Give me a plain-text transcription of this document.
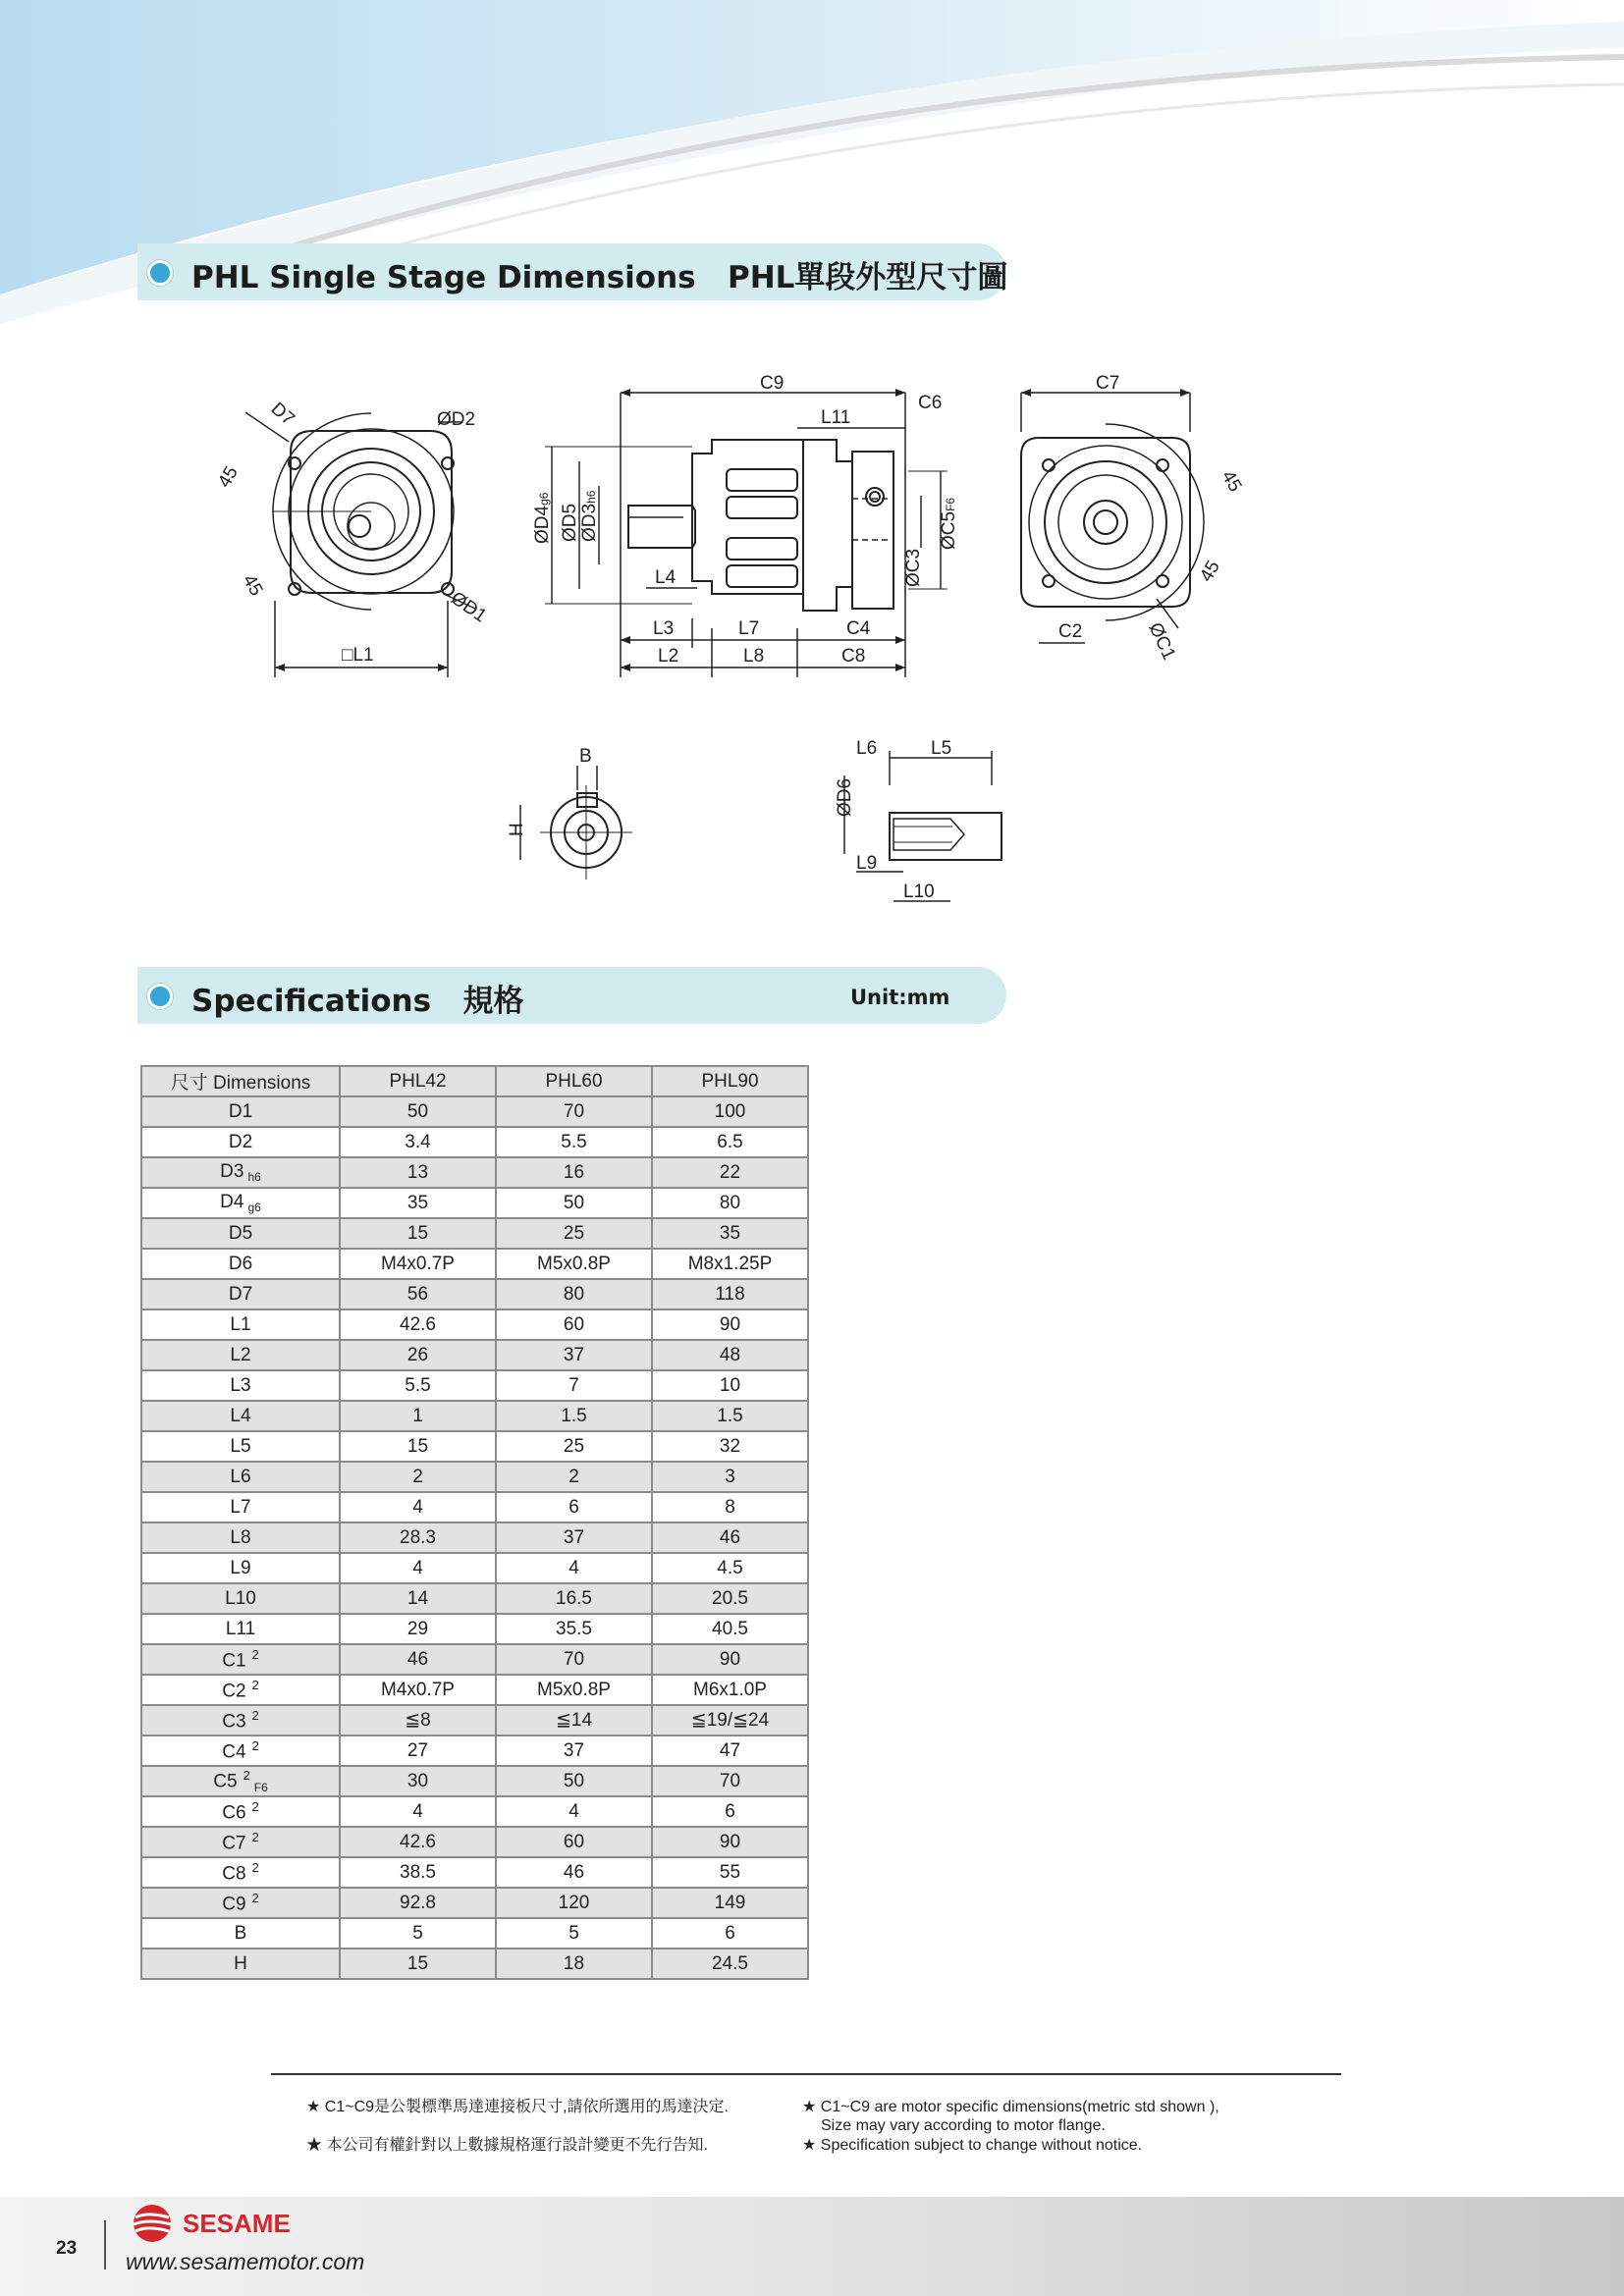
PHL Single Stage Dimensions PHL單段外型尺寸圖
D7	ØD2
ØD1
□L1
45
45
C9
C6
L11
ØD4g6
ØD5 ØD3h6
ØC5F6
ØC3
L4
L3	L7	C4
L2	L8	C8
C7
C2	ØC1
45
45
B
H
L6	L5
ØD6
L9
L10
Specifications 規格	Unit:mm
尺寸 Dimensions	PHL42	PHL60	PHL90
D1	50	70	100
D2	3.4	5.5	6.5
D3 $_{h6}$	13	16	22
D4 $_{g6}$	35	50	80
D5	15	25	35
D6	M4x0.7P	M5x0.8P	M8x1.25P
D7	56	80	118
L1	42.6	60	90
L2	26	37	48
L3	5.5	7	10
L4	1	1.5	1.5
L5	15	25	32
L6	2	2	3
L7	4	6	8
L8	28.3	37	46
L9	4	4	4.5
L10	14	16.5	20.5
L11	29	35.5	40.5
C1 $^2$	46	70	90
C2 $^2$	M4x0.7P	M5x0.8P	M6x1.0P
C3 $^2$	≦8	≦14	≦19/≦24
C4 $^2$	27	37	47
C5 $^2_{F6}$	30	50	70
C6 $^2$	4	4	6
C7 $^2$	42.6	60	90
C8 $^2$	38.5	46	55
C9 $^2$	92.8	120	149
B	5	5	6
H	15	18	24.5
★ C1~C9是公製標準馬達連接板尺寸,請依所選用的馬達決定.
★ 本公司有權針對以上數據規格運行設計變更不先行告知.
★ C1~C9 are motor specific dimensions(metric std shown ),
Size may vary according to motor flange.
★ Specification subject to change without notice.
23
SESAME
www.sesamemotor.com
